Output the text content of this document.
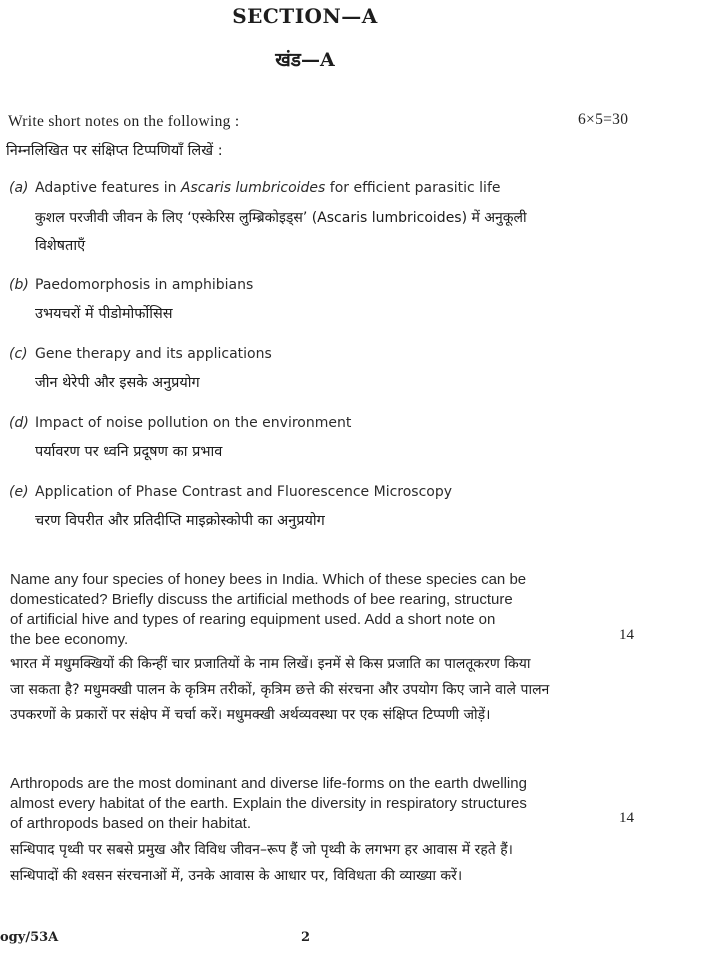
SECTION—A
खंड—A
Write short notes on the following :	6×5=30
निम्नलिखित पर संक्षिप्त टिप्पणियाँ लिखें :
(a) Adaptive features in Ascaris lumbricoides for efficient parasitic life
कुशल परजीवी जीवन के लिए ‘एस्केरिस लुम्ब्रिकोइड्स’ (Ascaris lumbricoides) में अनुकूली
विशेषताएँ
(b) Paedomorphosis in amphibians
उभयचरों में पीडोमोर्फोसिस
(c) Gene therapy and its applications
जीन थेरेपी और इसके अनुप्रयोग
(d) Impact of noise pollution on the environment
पर्यावरण पर ध्वनि प्रदूषण का प्रभाव
(e) Application of Phase Contrast and Fluorescence Microscopy
चरण विपरीत और प्रतिदीप्ति माइक्रोस्कोपी का अनुप्रयोग
Name any four species of honey bees in India. Which of these species can be
domesticated? Briefly discuss the artificial methods of bee rearing, structure
of artificial hive and types of rearing equipment used. Add a short note on
the bee economy.	14
भारत में मधुमक्खियों की किन्हीं चार प्रजातियों के नाम लिखें। इनमें से किस प्रजाति का पालतूकरण किया
जा सकता है? मधुमक्खी पालन के कृत्रिम तरीकों, कृत्रिम छत्ते की संरचना और उपयोग किए जाने वाले पालन
उपकरणों के प्रकारों पर संक्षेप में चर्चा करें। मधुमक्खी अर्थव्यवस्था पर एक संक्षिप्त टिप्पणी जोड़ें।
Arthropods are the most dominant and diverse life-forms on the earth dwelling
almost every habitat of the earth. Explain the diversity in respiratory structures
of arthropods based on their habitat.	14
सन्धिपाद पृथ्वी पर सबसे प्रमुख और विविध जीवन–रूप हैं जो पृथ्वी के लगभग हर आवास में रहते हैं।
सन्धिपादों की श्वसन संरचनाओं में, उनके आवास के आधार पर, विविधता की व्याख्या करें।
ogy/53A	2
